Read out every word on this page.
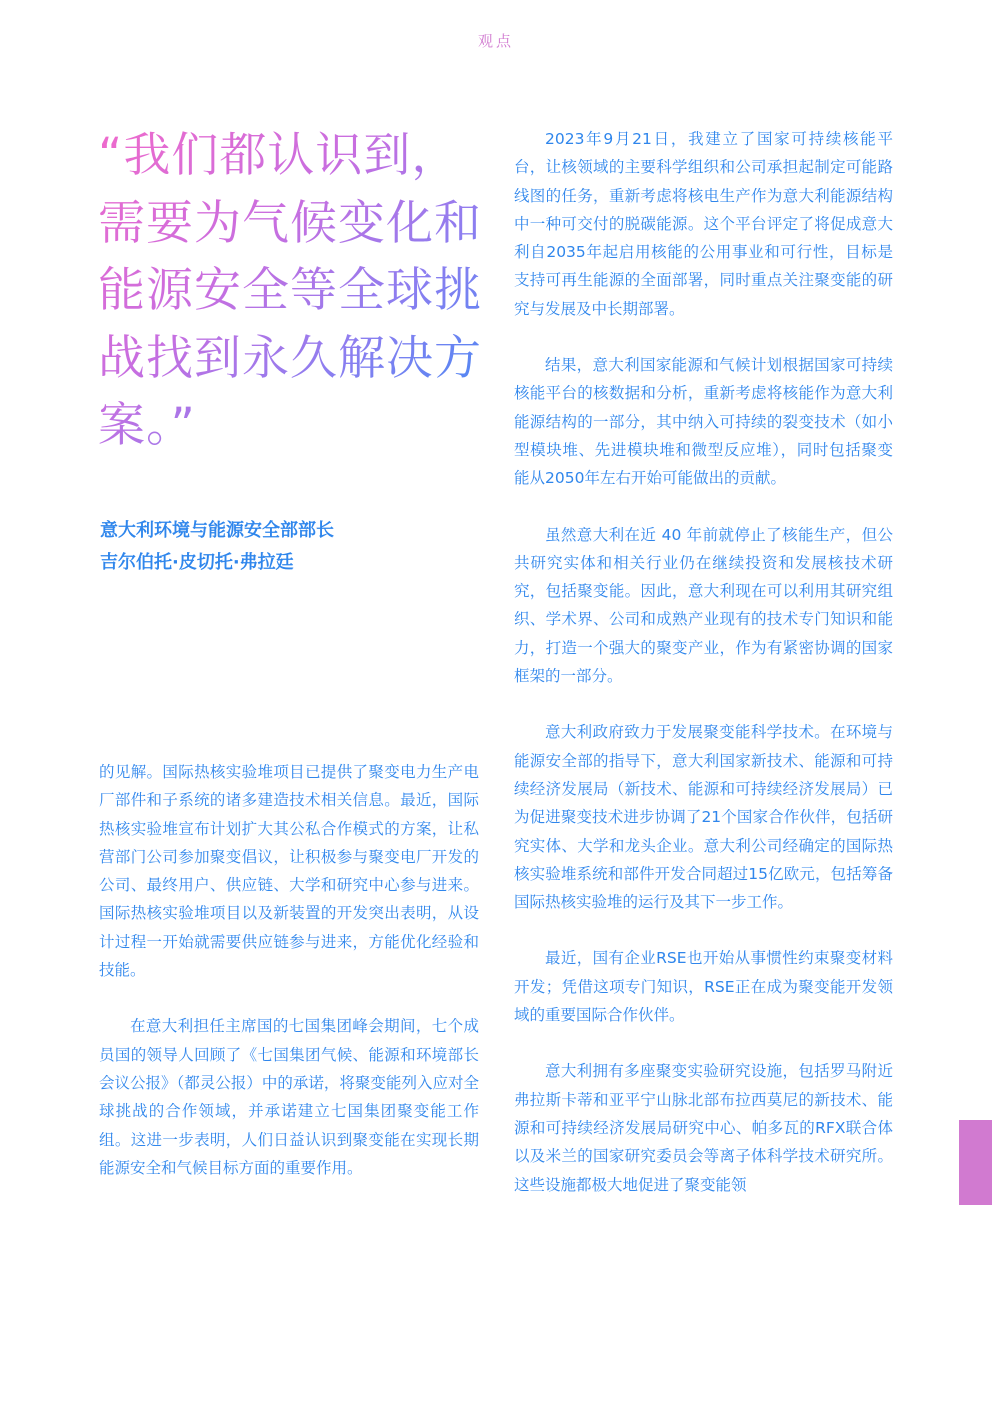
观点
“我们都认识到，需要为气候变化和能源安全等全球挑战找到永久解决方案。”
意大利环境与能源安全部部长
吉尔伯托·皮切托·弗拉廷

的见解。国际热核实验堆项目已提供了聚变电力生产电厂部件和子系统的诸多建造技术相关信息。最近，国际热核实验堆宣布计划扩大其公私合作模式的方案，让私营部门公司参加聚变倡议，让积极参与聚变电厂开发的公司、最终用户、供应链、大学和研究中心参与进来。国际热核实验堆项目以及新装置的开发突出表明，从设计过程一开始就需要供应链参与进来，方能优化经验和技能。

在意大利担任主席国的七国集团峰会期间，七个成员国的领导人回顾了《七国集团气候、能源和环境部长会议公报》（都灵公报）中的承诺，将聚变能列入应对全球挑战的合作领域，并承诺建立七国集团聚变能工作组。这进一步表明，人们日益认识到聚变能在实现长期能源安全和气候目标方面的重要作用。

2023年9月21日，我建立了国家可持续核能平台，让核领域的主要科学组织和公司承担起制定可能路线图的任务，重新考虑将核电生产作为意大利能源结构中一种可交付的脱碳能源。这个平台评定了将促成意大利自2035年起启用核能的公用事业和可行性，目标是支持可再生能源的全面部署，同时重点关注聚变能的研究与发展及中长期部署。

结果，意大利国家能源和气候计划根据国家可持续核能平台的核数据和分析，重新考虑将核能作为意大利能源结构的一部分，其中纳入可持续的裂变技术（如小型模块堆、先进模块堆和微型反应堆），同时包括聚变能从2050年左右开始可能做出的贡献。

虽然意大利在近 40 年前就停止了核能生产，但公共研究实体和相关行业仍在继续投资和发展核技术研究，包括聚变能。因此，意大利现在可以利用其研究组织、学术界、公司和成熟产业现有的技术专门知识和能力，打造一个强大的聚变产业，作为有紧密协调的国家框架的一部分。

意大利政府致力于发展聚变能科学技术。在环境与能源安全部的指导下，意大利国家新技术、能源和可持续经济发展局（新技术、能源和可持续经济发展局）已为促进聚变技术进步协调了21个国家合作伙伴，包括研究实体、大学和龙头企业。意大利公司经确定的国际热核实验堆系统和部件开发合同超过15亿欧元，包括筹备国际热核实验堆的运行及其下一步工作。

最近，国有企业RSE也开始从事惯性约束聚变材料开发；凭借这项专门知识，RSE正在成为聚变能开发领域的重要国际合作伙伴。

意大利拥有多座聚变实验研究设施，包括罗马附近弗拉斯卡蒂和亚平宁山脉北部布拉西莫尼的新技术、能源和可持续经济发展局研究中心、帕多瓦的RFX联合体以及米兰的国家研究委员会等离子体科学技术研究所。这些设施都极大地促进了聚变能领
